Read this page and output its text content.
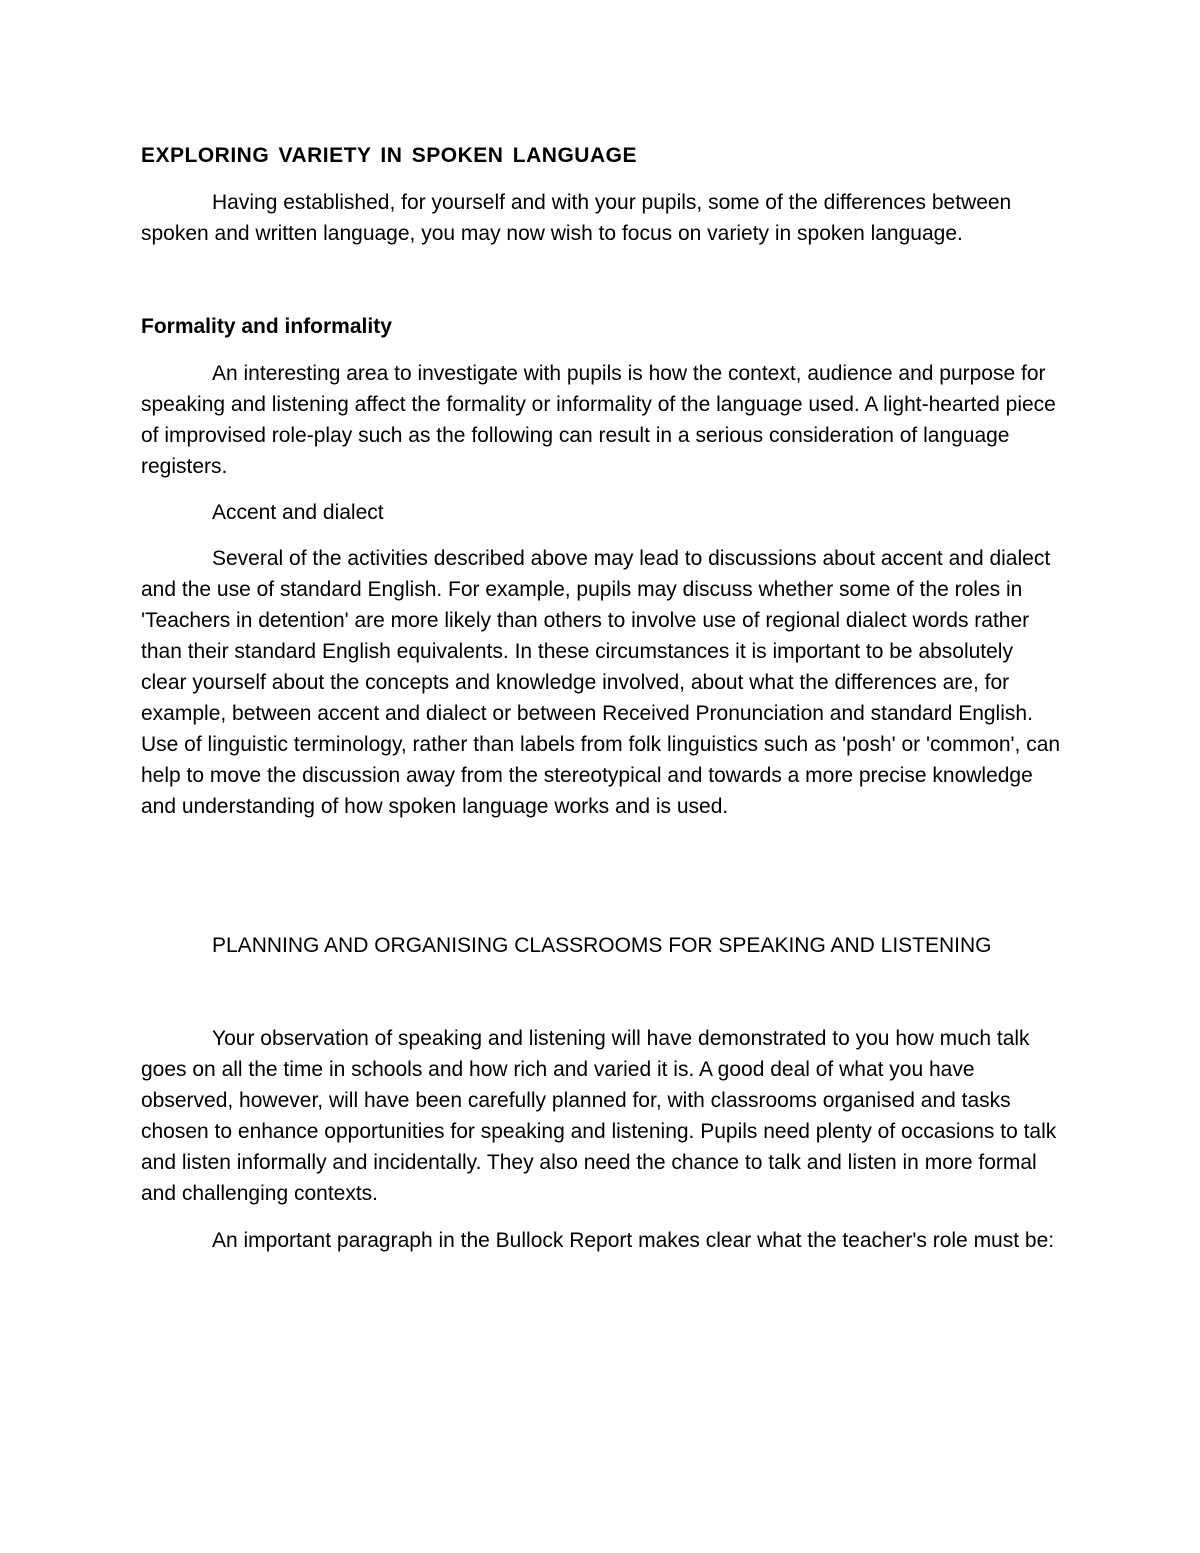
EXPLORING VARIETY IN SPOKEN LANGUAGE

Having established, for yourself and with your pupils, some of the differences between spoken and written language, you may now wish to focus on variety in spoken language.

Formality and informality

An interesting area to investigate with pupils is how the context, audience and purpose for speaking and listening affect the formality or informality of the language used. A light-hearted piece of improvised role-play such as the following can result in a serious consideration of language registers.

Accent and dialect

Several of the activities described above may lead to discussions about accent and dialect and the use of standard English. For example, pupils may discuss whether some of the roles in 'Teachers in detention' are more likely than others to involve use of regional dialect words rather than their standard English equivalents. In these circumstances it is important to be absolutely clear yourself about the concepts and knowledge involved, about what the differences are, for example, between accent and dialect or between Received Pronunciation and standard English. Use of linguistic terminology, rather than labels from folk linguistics such as 'posh' or 'common', can help to move the discussion away from the stereotypical and towards a more precise knowledge and understanding of how spoken language works and is used.

PLANNING AND ORGANISING CLASSROOMS FOR SPEAKING AND LISTENING

Your observation of speaking and listening will have demonstrated to you how much talk goes on all the time in schools and how rich and varied it is. A good deal of what you have observed, however, will have been carefully planned for, with classrooms organised and tasks chosen to enhance opportunities for speaking and listening. Pupils need plenty of occasions to talk and listen informally and incidentally. They also need the chance to talk and listen in more formal and challenging contexts.

An important paragraph in the Bullock Report makes clear what the teacher's role must be:
